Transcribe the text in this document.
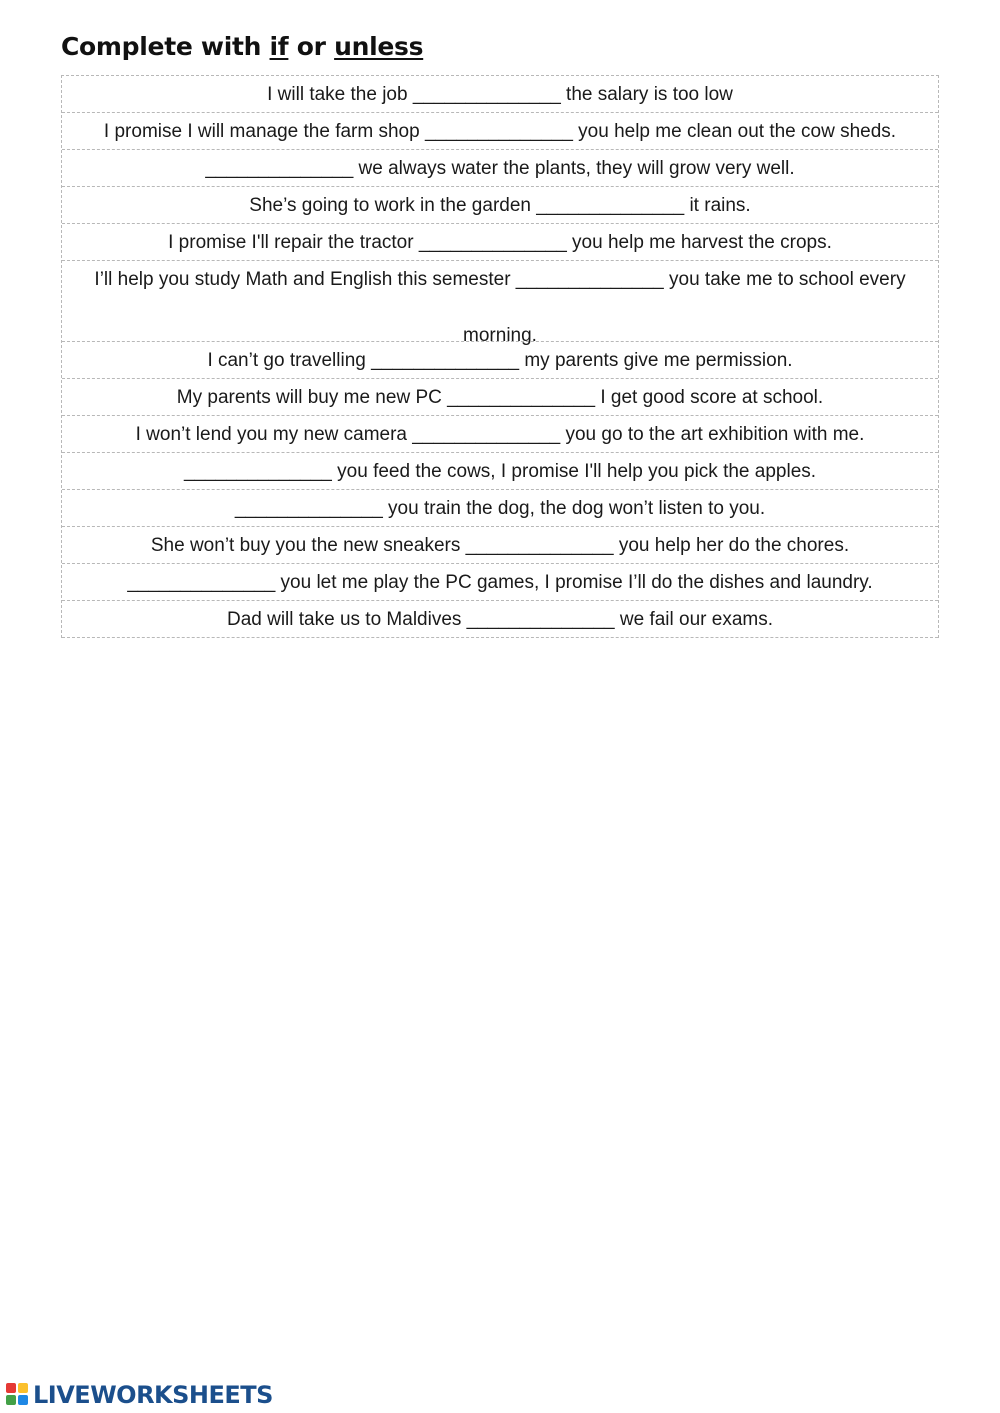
Complete with if or unless
I will take the job ______________ the salary is too low
I promise I will manage the farm shop ______________ you help me clean out the cow sheds.
______________ we always water the plants, they will grow very well.
She’s going to work in the garden ______________ it rains.
I promise I'll repair the tractor ______________ you help me harvest the crops.
I’ll help you study Math and English this semester ______________ you take me to school every
morning.
I can’t go travelling ______________ my parents give me permission.
My parents will buy me new PC ______________ I get good score at school.
I won’t lend you my new camera ______________ you go to the art exhibition with me.
______________ you feed the cows, I promise I'll help you pick the apples.
______________ you train the dog, the dog won’t listen to you.
She won’t buy you the new sneakers ______________ you help her do the chores.
______________ you let me play the PC games, I promise I’ll do the dishes and laundry.
Dad will take us to Maldives ______________ we fail our exams.
LIVEWORKSHEETS
